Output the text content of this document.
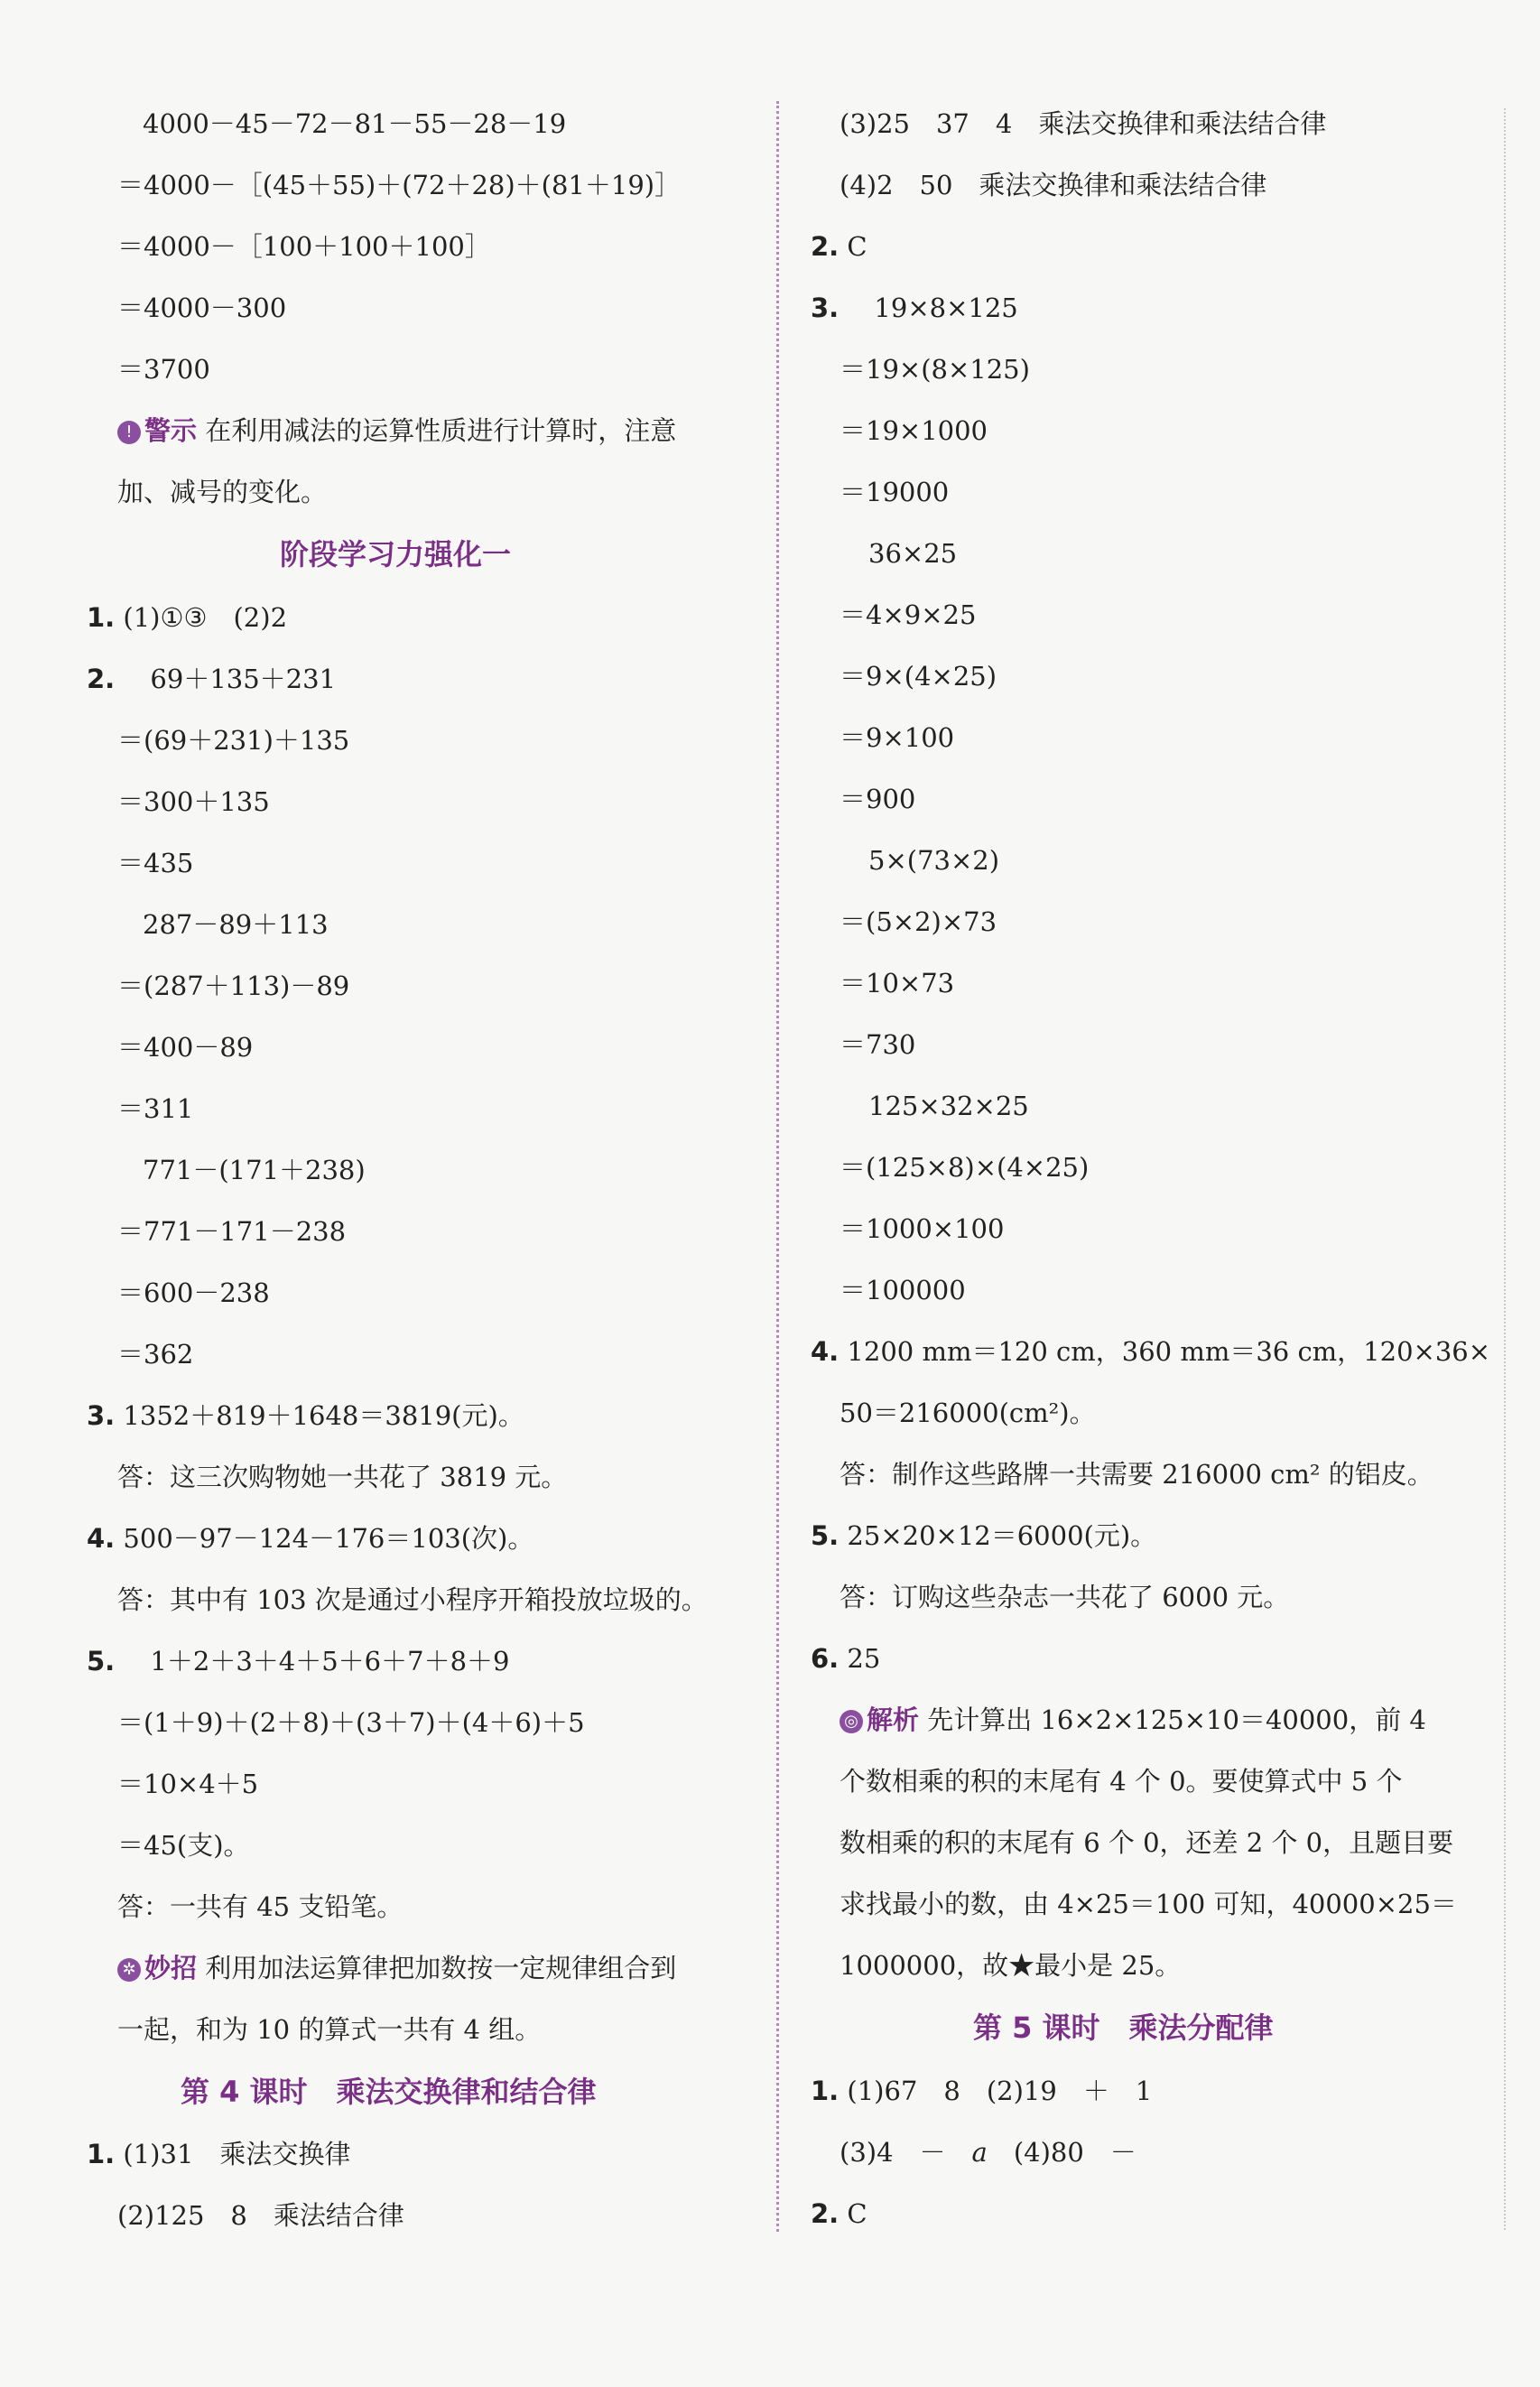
4000－45－72－81－55－28－19
＝4000－［(45＋55)＋(72＋28)＋(81＋19)］
＝4000－［100＋100＋100］
＝4000－300
＝3700
! 警示 在利用减法的运算性质进行计算时，注意
加、减号的变化。
阶段学习力强化一
1. (1)①③　(2)2
2. 69＋135＋231
＝(69＋231)＋135
＝300＋135
＝435
287－89＋113
＝(287＋113)－89
＝400－89
＝311
771－(171＋238)
＝771－171－238
＝600－238
＝362
3. 1352＋819＋1648＝3819(元)。
答：这三次购物她一共花了 3819 元。
4. 500－97－124－176＝103(次)。
答：其中有 103 次是通过小程序开箱投放垃圾的。
5. 1＋2＋3＋4＋5＋6＋7＋8＋9
＝(1＋9)＋(2＋8)＋(3＋7)＋(4＋6)＋5
＝10×4＋5
＝45(支)。
答：一共有 45 支铅笔。
✲ 妙招 利用加法运算律把加数按一定规律组合到
一起，和为 10 的算式一共有 4 组。
第 4 课时　乘法交换律和结合律
1. (1)31　乘法交换律
(2)125　8　乘法结合律
(3)25　37　4　乘法交换律和乘法结合律
(4)2　50　乘法交换律和乘法结合律
2. C
3. 19×8×125
＝19×(8×125)
＝19×1000
＝19000
36×25
＝4×9×25
＝9×(4×25)
＝9×100
＝900
5×(73×2)
＝(5×2)×73
＝10×73
＝730
125×32×25
＝(125×8)×(4×25)
＝1000×100
＝100000
4. 1200 mm＝120 cm，360 mm＝36 cm，120×36×
50＝216000(cm²)。
答：制作这些路牌一共需要 216000 cm² 的铝皮。
5. 25×20×12＝6000(元)。
答：订购这些杂志一共花了 6000 元。
6. 25
◎ 解析 先计算出 16×2×125×10＝40000，前 4
个数相乘的积的末尾有 4 个 0。要使算式中 5 个
数相乘的积的末尾有 6 个 0，还差 2 个 0，且题目要
求找最小的数，由 4×25＝100 可知，40000×25＝
1000000，故★最小是 25。
第 5 课时　乘法分配律
1. (1)67　8　(2)19　＋　1
(3)4　－　a　(4)80　－
2. C
